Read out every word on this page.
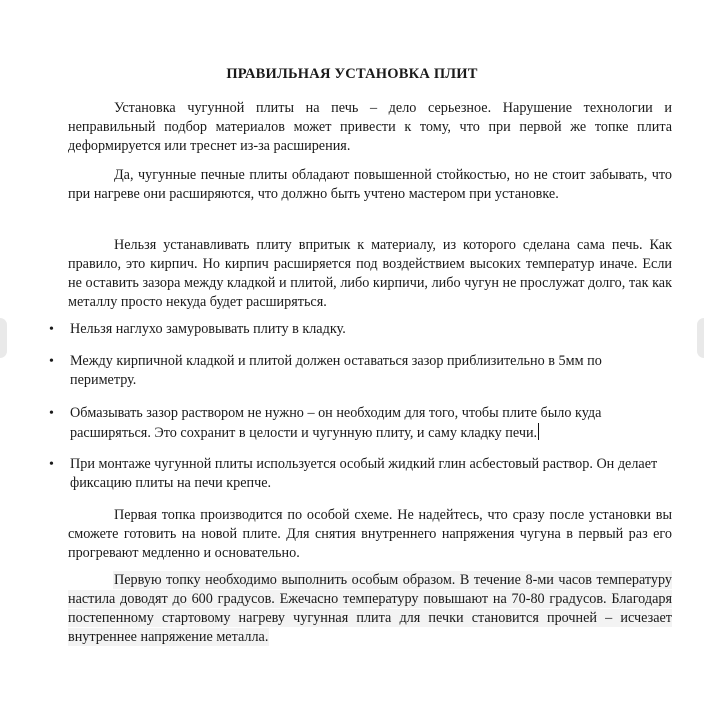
ПРАВИЛЬНАЯ УСТАНОВКА ПЛИТ
Установка чугунной плиты на печь – дело серьезное. Нарушение технологии и неправильный подбор материалов может привести к тому, что при первой же топке плита деформируется или треснет из-за расширения.
Да, чугунные печные плиты обладают повышенной стойкостью, но не стоит забывать, что при нагреве они расширяются, что должно быть учтено мастером при установке.
Нельзя устанавливать плиту впритык к материалу, из которого сделана сама печь. Как правило, это кирпич. Но кирпич расширяется под воздействием высоких температур иначе. Если не оставить зазора между кладкой и плитой, либо кирпичи, либо чугун не прослужат долго, так как металлу просто некуда будет расширяться.
• Нельзя наглухо замуровывать плиту в кладку.
• Между кирпичной кладкой и плитой должен оставаться зазор приблизительно в 5мм по периметру.
• Обмазывать зазор раствором не нужно – он необходим для того, чтобы плите было куда расширяться. Это сохранит в целости и чугунную плиту, и саму кладку печи.
• При монтаже чугунной плиты используется особый жидкий глин асбестовый раствор. Он делает фиксацию плиты на печи крепче.
Первая топка производится по особой схеме. Не надейтесь, что сразу после установки вы сможете готовить на новой плите. Для снятия внутреннего напряжения чугуна в первый раз его прогревают медленно и основательно.
Первую топку необходимо выполнить особым образом. В течение 8-ми часов температуру настила доводят до 600 градусов. Ежечасно температуру повышают на 70-80 градусов. Благодаря постепенному стартовому нагреву чугунная плита для печки становится прочней – исчезает внутреннее напряжение металла.
